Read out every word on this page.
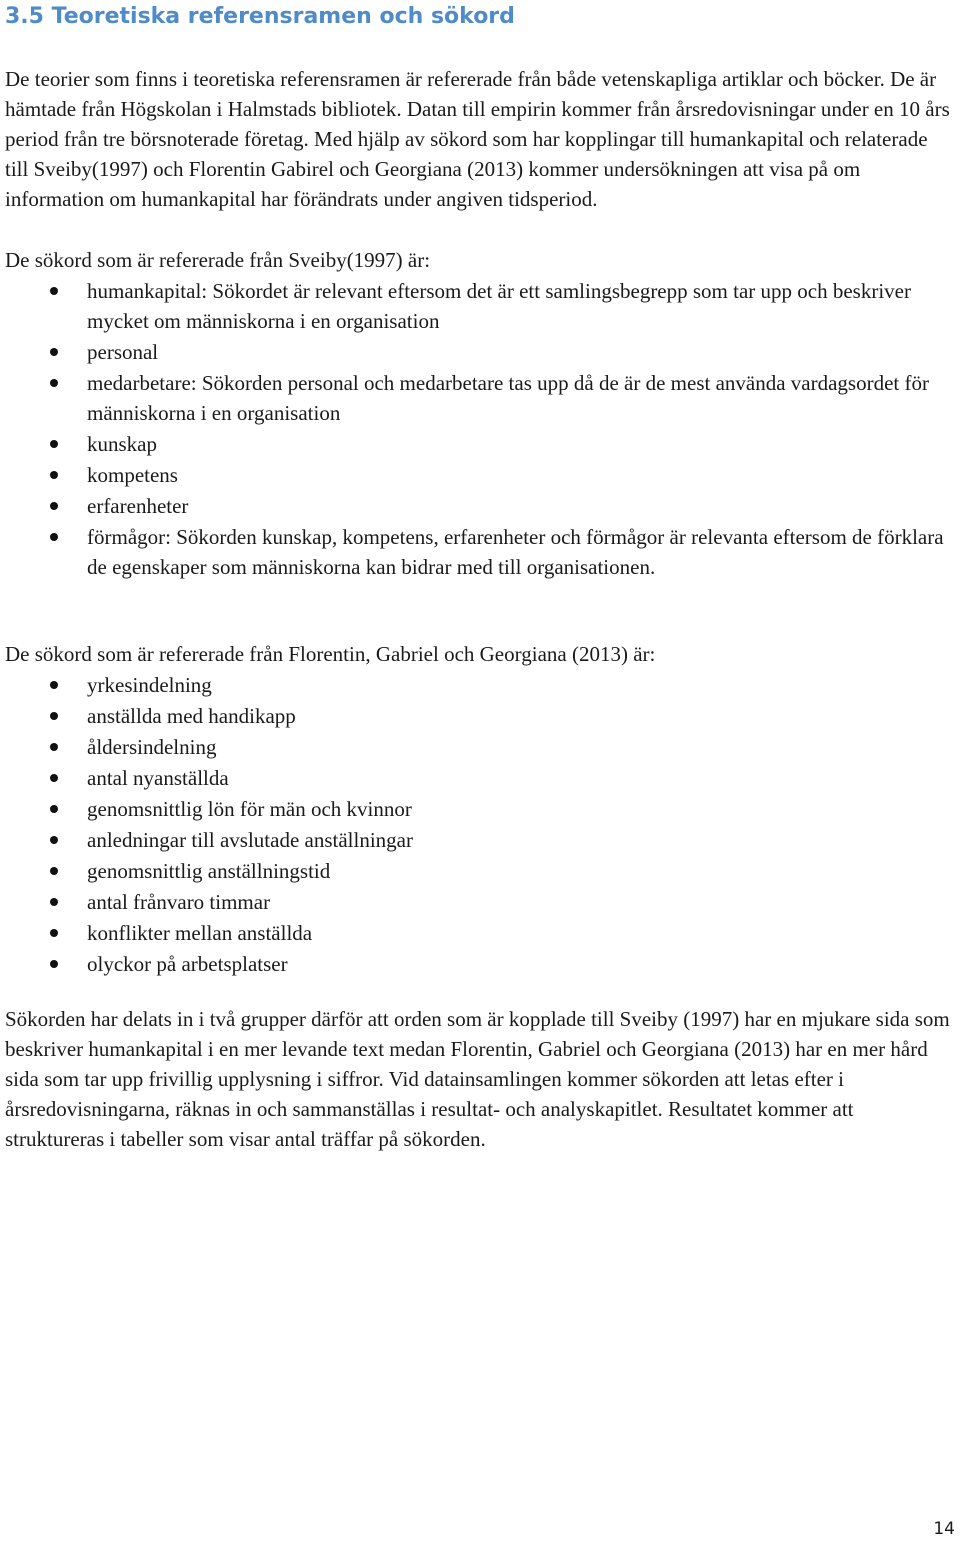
3.5 Teoretiska referensramen och sökord

De teorier som finns i teoretiska referensramen är refererade från både vetenskapliga artiklar och böcker. De är hämtade från Högskolan i Halmstads bibliotek. Datan till empirin kommer från årsredovisningar under en 10 års period från tre börsnoterade företag. Med hjälp av sökord som har kopplingar till humankapital och relaterade till Sveiby(1997) och Florentin Gabirel och Georgiana (2013) kommer undersökningen att visa på om information om humankapital har förändrats under angiven tidsperiod.

De sökord som är refererade från Sveiby(1997) är:

humankapital: Sökordet är relevant eftersom det är ett samlingsbegrepp som tar upp och beskriver mycket om människorna i en organisation
personal
medarbetare: Sökorden personal och medarbetare tas upp då de är de mest använda vardagsordet för människorna i en organisation
kunskap
kompetens
erfarenheter
förmågor: Sökorden kunskap, kompetens, erfarenheter och förmågor är relevanta eftersom de förklara de egenskaper som människorna kan bidrar med till organisationen.

De sökord som är refererade från Florentin, Gabriel och Georgiana (2013) är:

yrkesindelning
anställda med handikapp
åldersindelning
antal nyanställda
genomsnittlig lön för män och kvinnor
anledningar till avslutade anställningar
genomsnittlig anställningstid
antal frånvaro timmar
konflikter mellan anställda
olyckor på arbetsplatser

Sökorden har delats in i två grupper därför att orden som är kopplade till Sveiby (1997) har en mjukare sida som beskriver humankapital i en mer levande text medan Florentin, Gabriel och Georgiana (2013) har en mer hård sida som tar upp frivillig upplysning i siffror. Vid datainsamlingen kommer sökorden att letas efter i årsredovisningarna, räknas in och sammanställas i resultat- och analyskapitlet. Resultatet kommer att struktureras i tabeller som visar antal träffar på sökorden.

14
